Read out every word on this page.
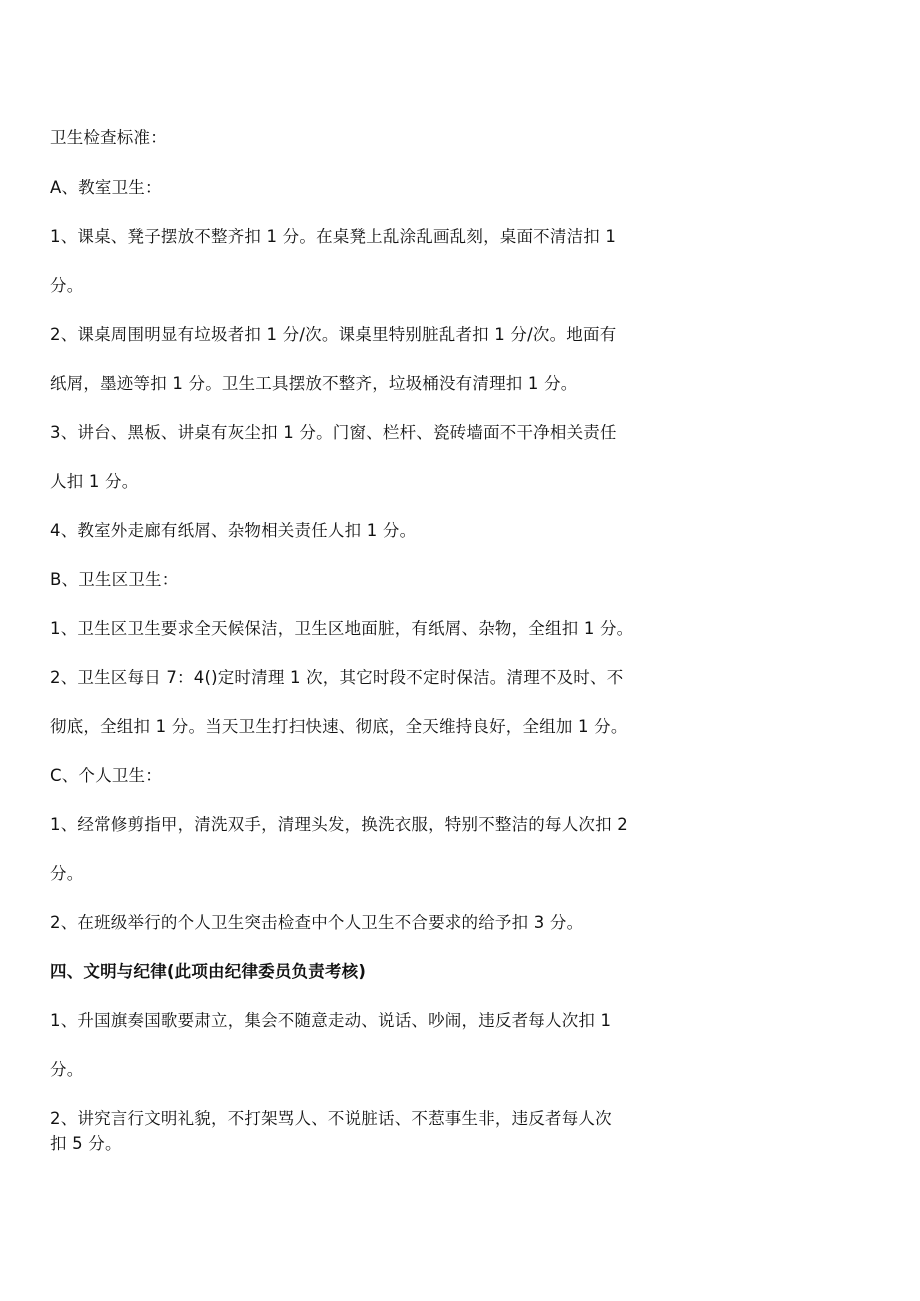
卫生检查标准：

A、教室卫生：

1、课桌、凳子摆放不整齐扣 1 分。在桌凳上乱涂乱画乱刻，桌面不清洁扣 1

分。

2、课桌周围明显有垃圾者扣 1 分/次。课桌里特别脏乱者扣 1 分/次。地面有

纸屑，墨迹等扣 1 分。卫生工具摆放不整齐，垃圾桶没有清理扣 1 分。

3、讲台、黑板、讲桌有灰尘扣 1 分。门窗、栏杆、瓷砖墙面不干净相关责任

人扣 1 分。

4、教室外走廊有纸屑、杂物相关责任人扣 1 分。

B、卫生区卫生：

1、卫生区卫生要求全天候保洁，卫生区地面脏，有纸屑、杂物，全组扣 1 分。

2、卫生区每日 7：4()定时清理 1 次，其它时段不定时保洁。清理不及时、不

彻底，全组扣 1 分。当天卫生打扫快速、彻底，全天维持良好，全组加 1 分。

C、个人卫生：

1、经常修剪指甲，清洗双手，清理头发，换洗衣服，特别不整洁的每人次扣 2

分。

2、在班级举行的个人卫生突击检查中个人卫生不合要求的给予扣 3 分。

四、文明与纪律(此项由纪律委员负责考核)

1、升国旗奏国歌要肃立，集会不随意走动、说话、吵闹，违反者每人次扣 1

分。

2、讲究言行文明礼貌，不打架骂人、不说脏话、不惹事生非，违反者每人次

扣 5 分。
